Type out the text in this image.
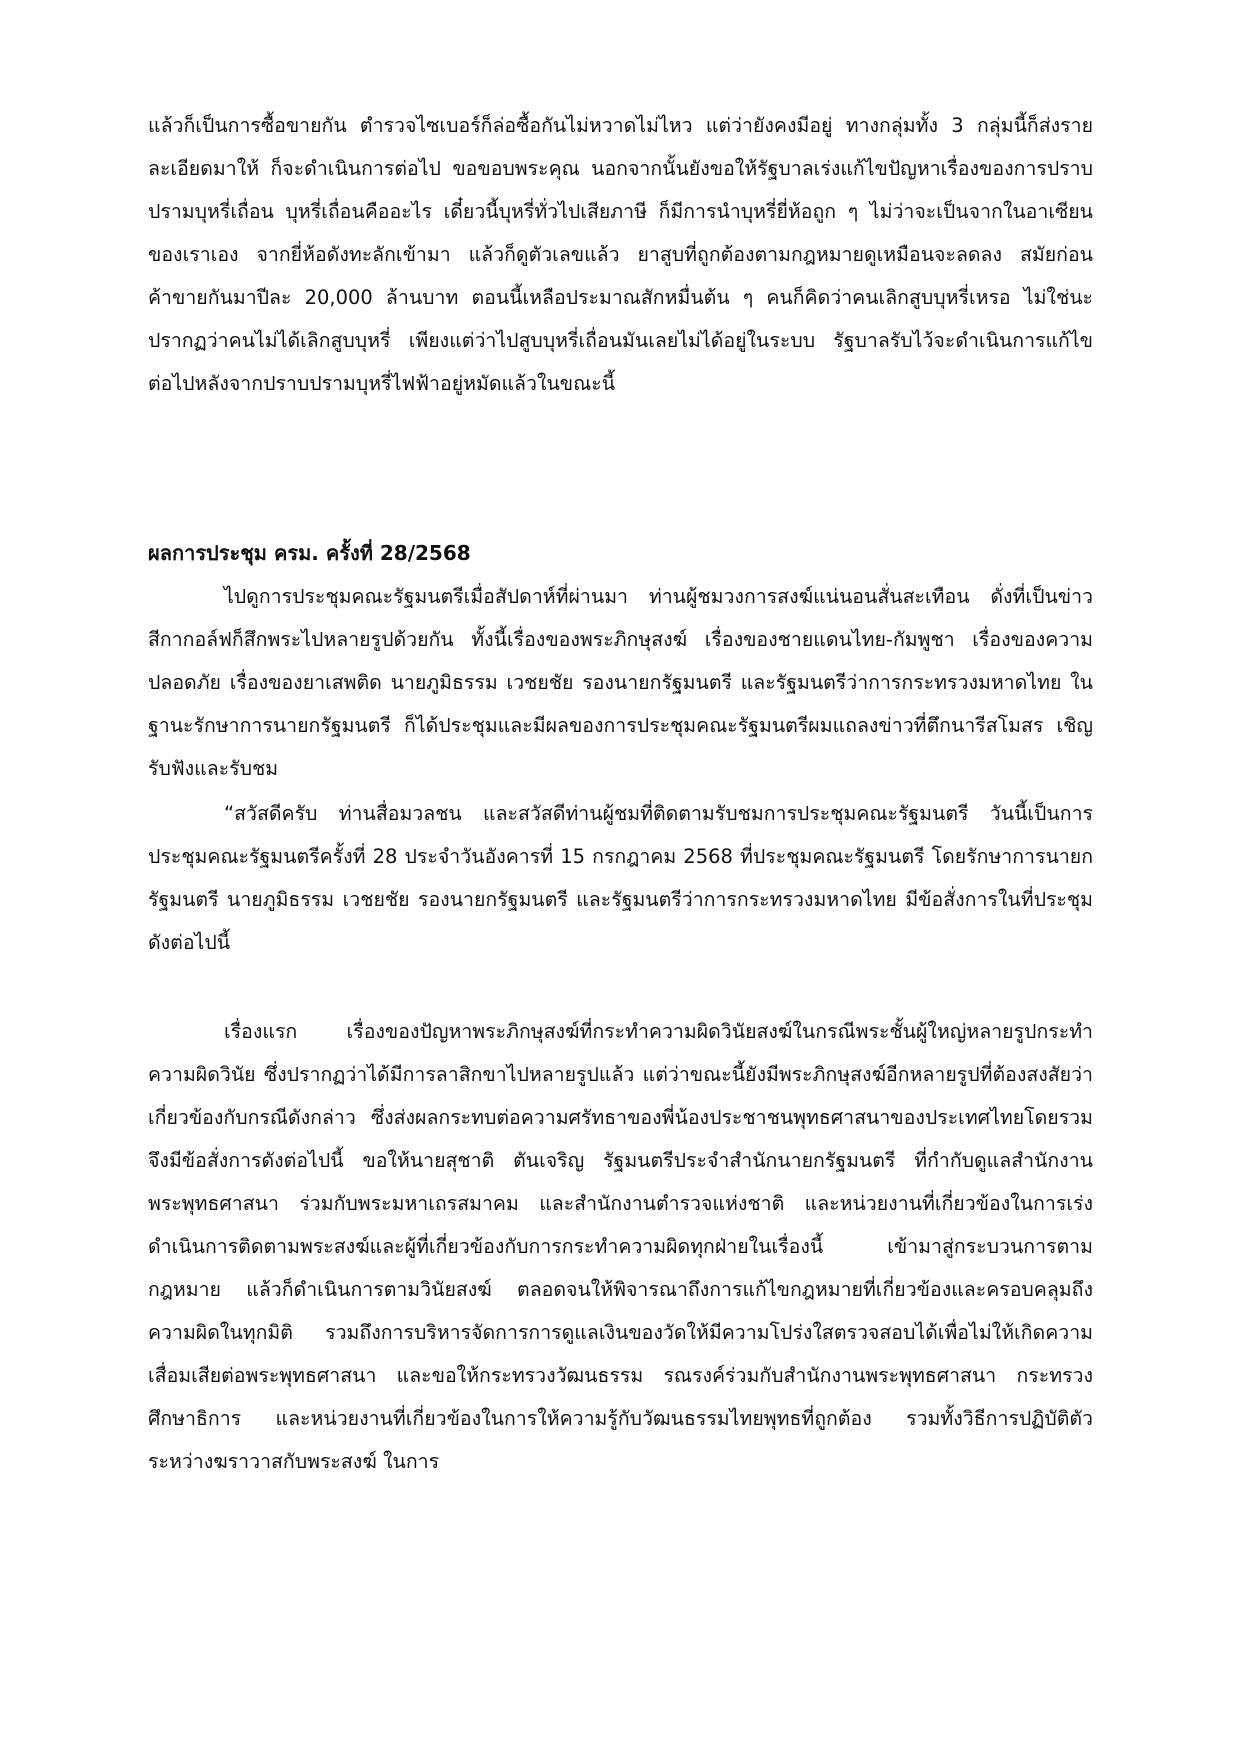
แล้วก็เป็นการซื้อขายกัน ตำรวจไซเบอร์ก็ล่อซื้อกันไม่หวาดไม่ไหว แต่ว่ายังคงมีอยู่ ทางกลุ่มทั้ง 3 กลุ่มนี้ก็ส่งรายละเอียดมาให้ ก็จะดำเนินการต่อไป ขอขอบพระคุณ นอกจากนั้นยังขอให้รัฐบาลเร่งแก้ไขปัญหาเรื่องของการปราบปรามบุหรี่เถื่อน บุหรี่เถื่อนคืออะไร เดี๋ยวนี้บุหรี่ทั่วไปเสียภาษี ก็มีการนำบุหรี่ยี่ห้อถูก ๆ ไม่ว่าจะเป็นจากในอาเซียนของเราเอง จากยี่ห้อดังทะลักเข้ามา แล้วก็ดูตัวเลขแล้ว ยาสูบที่ถูกต้องตามกฎหมายดูเหมือนจะลดลง สมัยก่อนค้าขายกันมาปีละ 20,000 ล้านบาท ตอนนี้เหลือประมาณสักหมื่นต้น ๆ คนก็คิดว่าคนเลิกสูบบุหรี่เหรอ ไม่ใช่นะปรากฏว่าคนไม่ได้เลิกสูบบุหรี่ เพียงแต่ว่าไปสูบบุหรี่เถื่อนมันเลยไม่ได้อยู่ในระบบ รัฐบาลรับไว้จะดำเนินการแก้ไขต่อไปหลังจากปราบปรามบุหรี่ไฟฟ้าอยู่หมัดแล้วในขณะนี้

ผลการประชุม ครม. ครั้งที่ 28/2568

ไปดูการประชุมคณะรัฐมนตรีเมื่อสัปดาห์ที่ผ่านมา ท่านผู้ชมวงการสงฆ์แน่นอนสั่นสะเทือน ดั่งที่เป็นข่าว สีกากอล์ฟก็สึกพระไปหลายรูปด้วยกัน ทั้งนี้เรื่องของพระภิกษุสงฆ์ เรื่องของชายแดนไทย-กัมพูชา เรื่องของความปลอดภัย เรื่องของยาเสพติด นายภูมิธรรม เวชยชัย รองนายกรัฐมนตรี และรัฐมนตรีว่าการกระทรวงมหาดไทย ในฐานะรักษาการนายกรัฐมนตรี ก็ได้ประชุมและมีผลของการประชุมคณะรัฐมนตรีผมแถลงข่าวที่ตึกนารีสโมสร เชิญรับฟังและรับชม

“สวัสดีครับ ท่านสื่อมวลชน และสวัสดีท่านผู้ชมที่ติดตามรับชมการประชุมคณะรัฐมนตรี วันนี้เป็นการประชุมคณะรัฐมนตรีครั้งที่ 28 ประจำวันอังคารที่ 15 กรกฎาคม 2568 ที่ประชุมคณะรัฐมนตรี โดยรักษาการนายกรัฐมนตรี นายภูมิธรรม เวชยชัย รองนายกรัฐมนตรี และรัฐมนตรีว่าการกระทรวงมหาดไทย มีข้อสั่งการในที่ประชุมดังต่อไปนี้

เรื่องแรก เรื่องของปัญหาพระภิกษุสงฆ์ที่กระทำความผิดวินัยสงฆ์ในกรณีพระชั้นผู้ใหญ่หลายรูปกระทำความผิดวินัย ซึ่งปรากฏว่าได้มีการลาสิกขาไปหลายรูปแล้ว แต่ว่าขณะนี้ยังมีพระภิกษุสงฆ์อีกหลายรูปที่ต้องสงสัยว่าเกี่ยวข้องกับกรณีดังกล่าว ซึ่งส่งผลกระทบต่อความศรัทธาของพี่น้องประชาชนพุทธศาสนาของประเทศไทยโดยรวม จึงมีข้อสั่งการดังต่อไปนี้ ขอให้นายสุชาติ ตันเจริญ รัฐมนตรีประจำสำนักนายกรัฐมนตรี ที่กำกับดูแลสำนักงานพระพุทธศาสนา ร่วมกับพระมหาเถรสมาคม และสำนักงานตำรวจแห่งชาติ และหน่วยงานที่เกี่ยวข้องในการเร่งดำเนินการติดตามพระสงฆ์และผู้ที่เกี่ยวข้องกับการกระทำความผิดทุกฝ่ายในเรื่องนี้ เข้ามาสู่กระบวนการตามกฎหมาย แล้วก็ดำเนินการตามวินัยสงฆ์ ตลอดจนให้พิจารณาถึงการแก้ไขกฎหมายที่เกี่ยวข้องและครอบคลุมถึงความผิดในทุกมิติ รวมถึงการบริหารจัดการการดูแลเงินของวัดให้มีความโปร่งใสตรวจสอบได้เพื่อไม่ให้เกิดความเสื่อมเสียต่อพระพุทธศาสนา และขอให้กระทรวงวัฒนธรรม รณรงค์ร่วมกับสำนักงานพระพุทธศาสนา กระทรวงศึกษาธิการ และหน่วยงานที่เกี่ยวข้องในการให้ความรู้กับวัฒนธรรมไทยพุทธที่ถูกต้อง รวมทั้งวิธีการปฏิบัติตัวระหว่างฆราวาสกับพระสงฆ์ ในการ
